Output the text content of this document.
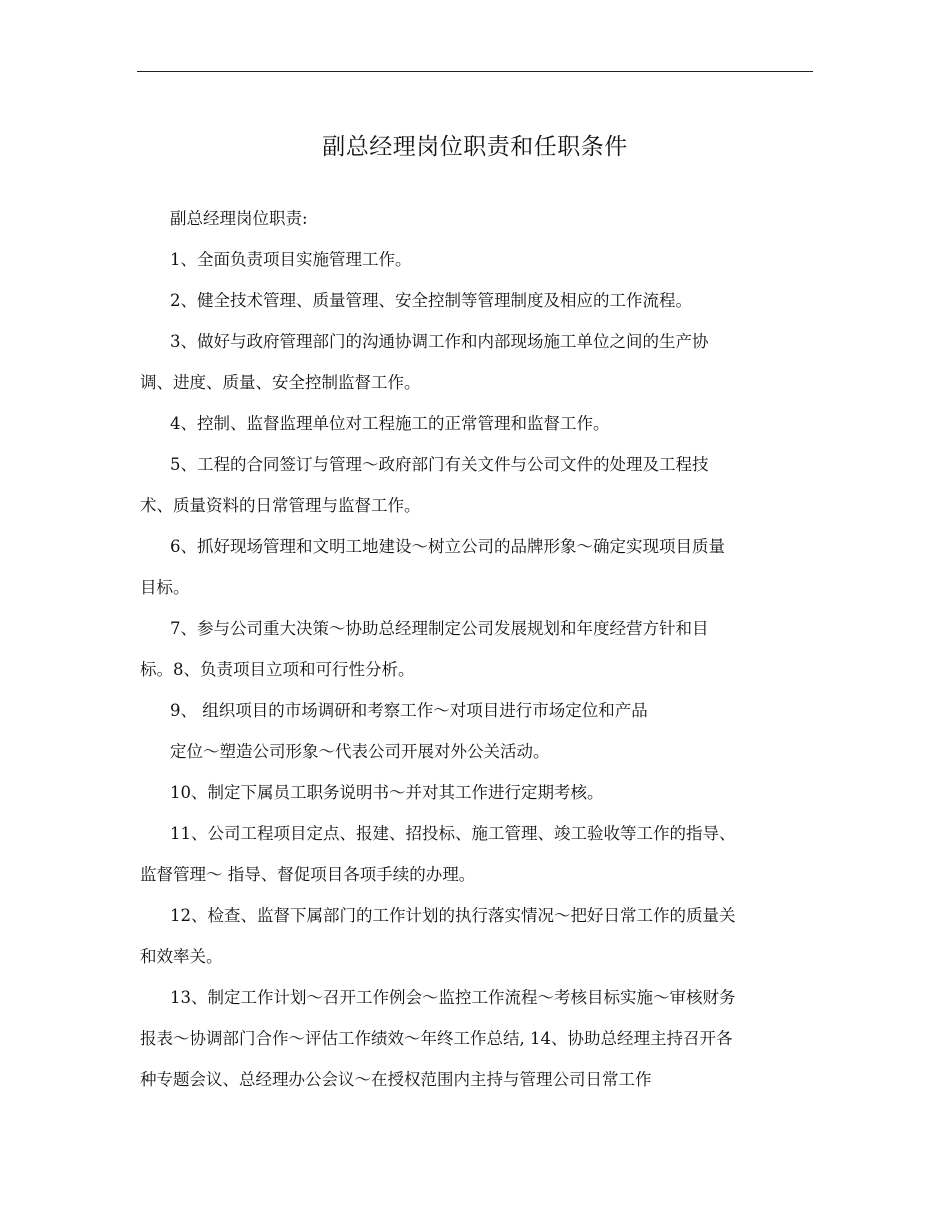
副总经理岗位职责和任职条件
副总经理岗位职责:
1、全面负责项目实施管理工作。
2、健全技术管理、质量管理、安全控制等管理制度及相应的工作流程。
3、做好与政府管理部门的沟通协调工作和内部现场施工单位之间的生产协
调、进度、质量、安全控制监督工作。
4、控制、监督监理单位对工程施工的正常管理和监督工作。
5、工程的合同签订与管理～政府部门有关文件与公司文件的处理及工程技
术、质量资料的日常管理与监督工作。
6、抓好现场管理和文明工地建设～树立公司的品牌形象～确定实现项目质量
目标。
7、参与公司重大决策～协助总经理制定公司发展规划和年度经营方针和目
标。8、负责项目立项和可行性分析。
9、 组织项目的市场调研和考察工作～对项目进行市场定位和产品
定位～塑造公司形象～代表公司开展对外公关活动。
10、制定下属员工职务说明书～并对其工作进行定期考核。
11、公司工程项目定点、报建、招投标、施工管理、竣工验收等工作的指导、
监督管理～ 指导、督促项目各项手续的办理。
12、检查、监督下属部门的工作计划的执行落实情况～把好日常工作的质量关
和效率关。
13、制定工作计划～召开工作例会～监控工作流程～考核目标实施～审核财务
报表～协调部门合作～评估工作绩效～年终工作总结, 14、协助总经理主持召开各
种专题会议、总经理办公会议～在授权范围内主持与管理公司日常工作
